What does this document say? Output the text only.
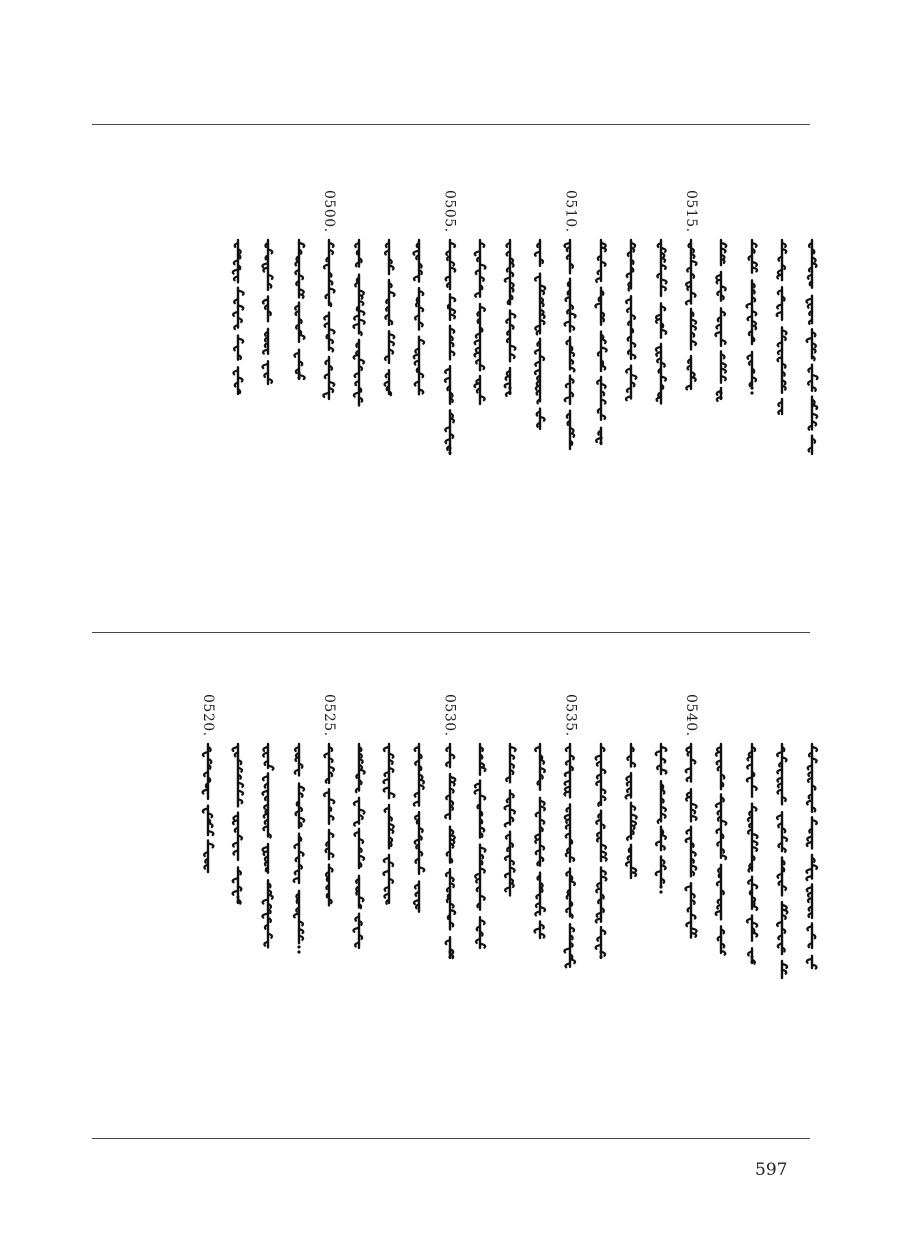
0515.
0510.
0505.
0500.
0540.
0535.
0530.
0525.
0520.
597
